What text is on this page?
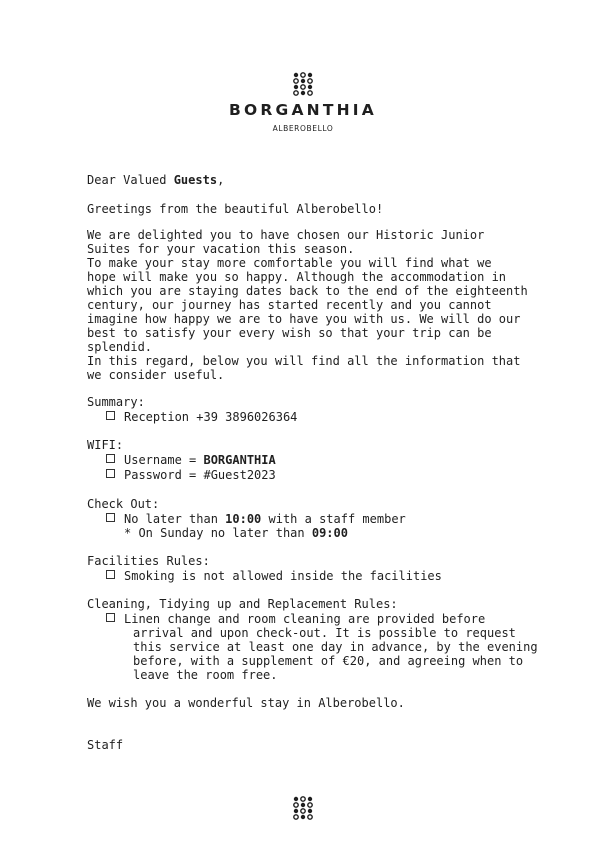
BORGANTHIA
ALBEROBELLO
Dear Valued Guests,
Greetings from the beautiful Alberobello!
We are delighted you to have chosen our Historic Junior
Suites for your vacation this season.
To make your stay more comfortable you will find what we
hope will make you so happy. Although the accommodation in
which you are staying dates back to the end of the eighteenth
century, our journey has started recently and you cannot
imagine how happy we are to have you with us. We will do our
best to satisfy your every wish so that your trip can be
splendid.
In this regard, below you will find all the information that
we consider useful.
Summary:
Reception +39 3896026364
WIFI:
Username = BORGANTHIA
Password = #Guest2023
Check Out:
No later than 10:00 with a staff member
* On Sunday no later than 09:00
Facilities Rules:
Smoking is not allowed inside the facilities
Cleaning, Tidying up and Replacement Rules:
Linen change and room cleaning are provided before
arrival and upon check-out. It is possible to request
this service at least one day in advance, by the evening
before, with a supplement of €20, and agreeing when to
leave the room free.
We wish you a wonderful stay in Alberobello.
Staff
